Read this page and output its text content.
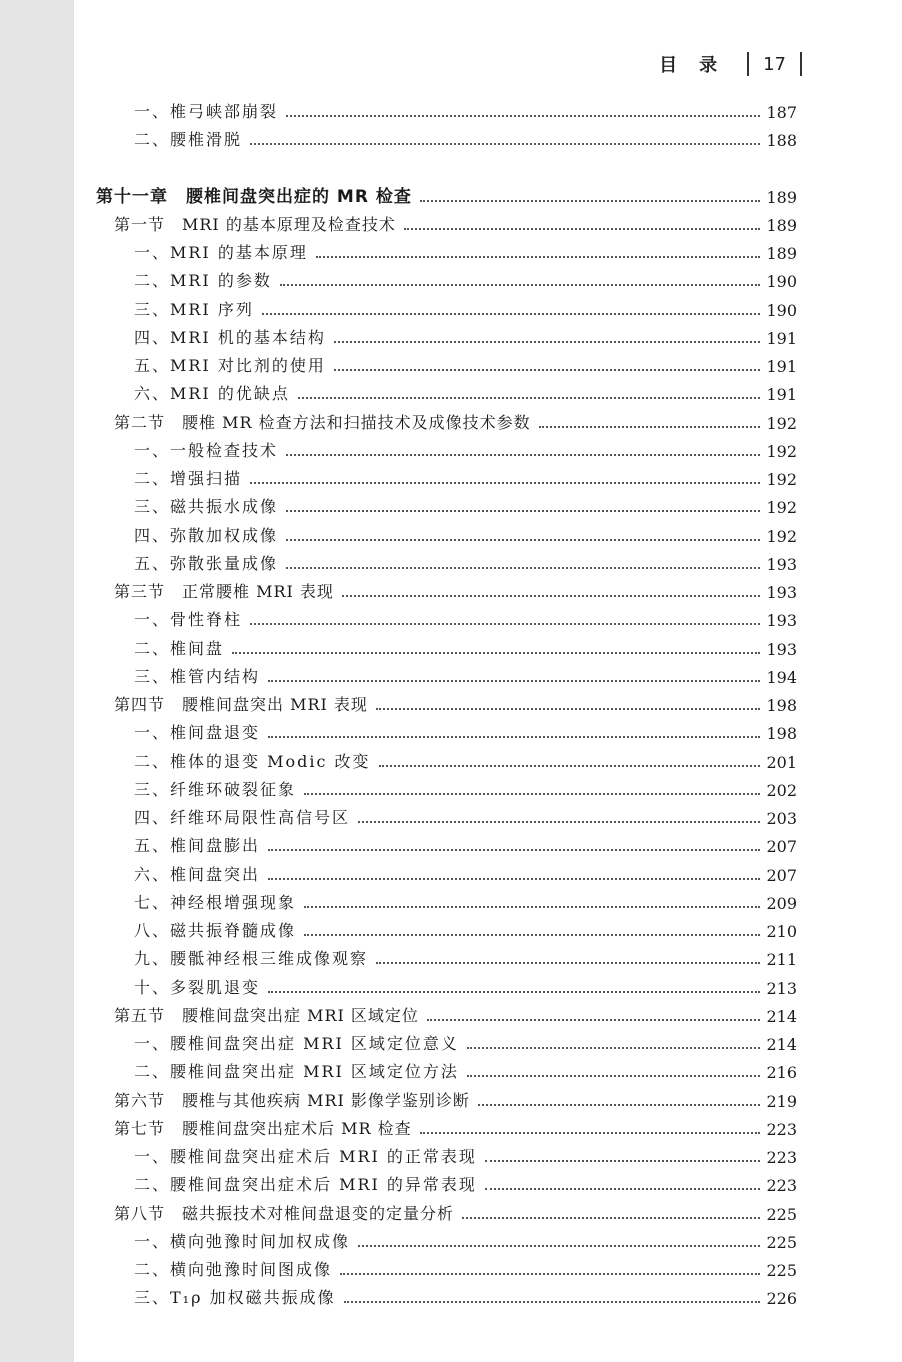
目录 17
一、椎弓峡部崩裂	187
二、腰椎滑脱	188
第十一章　腰椎间盘突出症的 MR 检查	189
第一节　MRI 的基本原理及检查技术	189
一、MRI 的基本原理	189
二、MRI 的参数	190
三、MRI 序列	190
四、MRI 机的基本结构	191
五、MRI 对比剂的使用	191
六、MRI 的优缺点	191
第二节　腰椎 MR 检查方法和扫描技术及成像技术参数	192
一、一般检查技术	192
二、增强扫描	192
三、磁共振水成像	192
四、弥散加权成像	192
五、弥散张量成像	193
第三节　正常腰椎 MRI 表现	193
一、骨性脊柱	193
二、椎间盘	193
三、椎管内结构	194
第四节　腰椎间盘突出 MRI 表现	198
一、椎间盘退变	198
二、椎体的退变 Modic 改变	201
三、纤维环破裂征象	202
四、纤维环局限性高信号区	203
五、椎间盘膨出	207
六、椎间盘突出	207
七、神经根增强现象	209
八、磁共振脊髓成像	210
九、腰骶神经根三维成像观察	211
十、多裂肌退变	213
第五节　腰椎间盘突出症 MRI 区域定位	214
一、腰椎间盘突出症 MRI 区域定位意义	214
二、腰椎间盘突出症 MRI 区域定位方法	216
第六节　腰椎与其他疾病 MRI 影像学鉴别诊断	219
第七节　腰椎间盘突出症术后 MR 检查	223
一、腰椎间盘突出症术后 MRI 的正常表现	223
二、腰椎间盘突出症术后 MRI 的异常表现	223
第八节　磁共振技术对椎间盘退变的定量分析	225
一、横向弛豫时间加权成像	225
二、横向弛豫时间图成像	225
三、T₁ρ 加权磁共振成像	226
